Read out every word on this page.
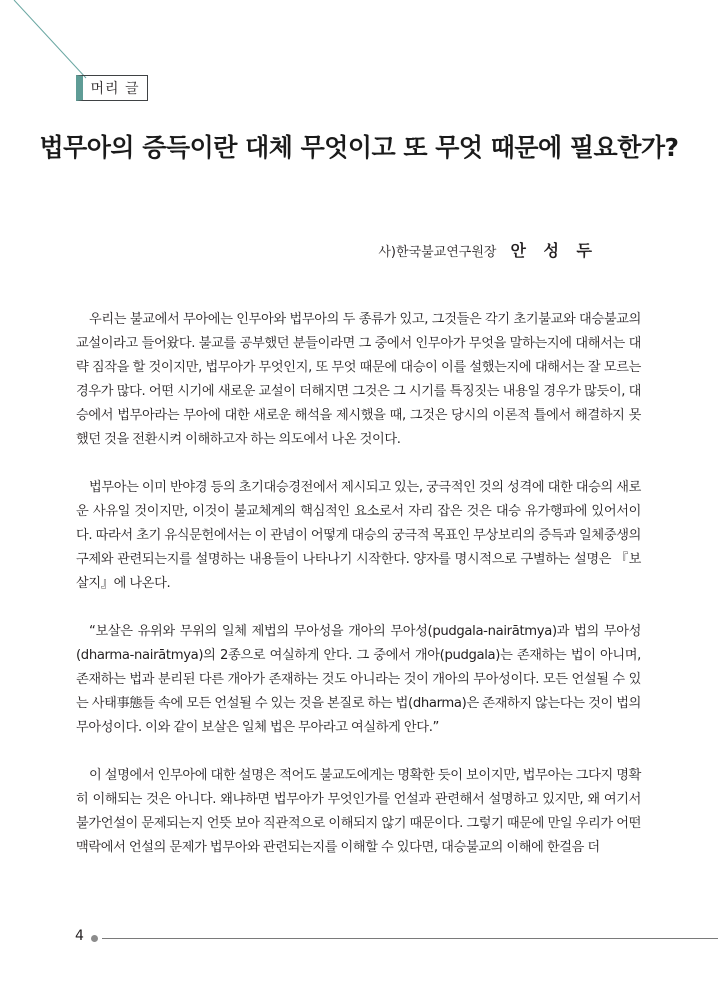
머리 글
법무아의 증득이란 대체 무엇이고 또 무엇 때문에 필요한가?
사)한국불교연구원장 안 성 두

우리는 불교에서 무아에는 인무아와 법무아의 두 종류가 있고, 그것들은 각기 초기불교와 대승불교의 교설이라고 들어왔다. 불교를 공부했던 분들이라면 그 중에서 인무아가 무엇을 말하는지에 대해서는 대략 짐작을 할 것이지만, 법무아가 무엇인지, 또 무엇 때문에 대승이 이를 설했는지에 대해서는 잘 모르는 경우가 많다. 어떤 시기에 새로운 교설이 더해지면 그것은 그 시기를 특징짓는 내용일 경우가 많듯이, 대승에서 법무아라는 무아에 대한 새로운 해석을 제시했을 때, 그것은 당시의 이론적 틀에서 해결하지 못했던 것을 전환시켜 이해하고자 하는 의도에서 나온 것이다.

법무아는 이미 반야경 등의 초기대승경전에서 제시되고 있는, 궁극적인 것의 성격에 대한 대승의 새로운 사유일 것이지만, 이것이 불교체계의 핵심적인 요소로서 자리 잡은 것은 대승 유가행파에 있어서이다. 따라서 초기 유식문헌에서는 이 관념이 어떻게 대승의 궁극적 목표인 무상보리의 증득과 일체중생의 구제와 관련되는지를 설명하는 내용들이 나타나기 시작한다. 양자를 명시적으로 구별하는 설명은 『보살지』에 나온다.

“보살은 유위와 무위의 일체 제법의 무아성을 개아의 무아성(pudgala-nairātmya)과 법의 무아성(dharma-nairātmya)의 2종으로 여실하게 안다. 그 중에서 개아(pudgala)는 존재하는 법이 아니며, 존재하는 법과 분리된 다른 개아가 존재하는 것도 아니라는 것이 개아의 무아성이다. 모든 언설될 수 있는 사태事態들 속에 모든 언설될 수 있는 것을 본질로 하는 법(dharma)은 존재하지 않는다는 것이 법의 무아성이다. 이와 같이 보살은 일체 법은 무아라고 여실하게 안다.”

이 설명에서 인무아에 대한 설명은 적어도 불교도에게는 명확한 듯이 보이지만, 법무아는 그다지 명확히 이해되는 것은 아니다. 왜냐하면 법무아가 무엇인가를 언설과 관련해서 설명하고 있지만, 왜 여기서 불가언설이 문제되는지 언뜻 보아 직관적으로 이해되지 않기 때문이다. 그렇기 때문에 만일 우리가 어떤 맥락에서 언설의 문제가 법무아와 관련되는지를 이해할 수 있다면, 대승불교의 이해에 한걸음 더

4
